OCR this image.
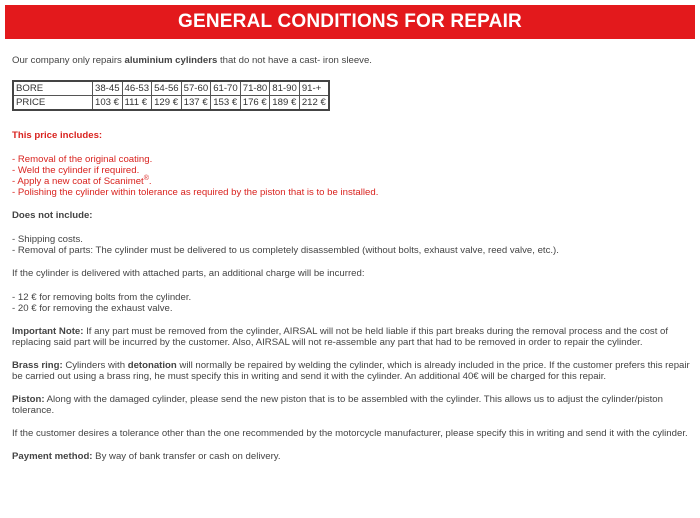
GENERAL CONDITIONS FOR REPAIR

Our company only repairs aluminium cylinders that do not have a cast- iron sleeve.

BORE	38-45	46-53	54-56	57-60	61-70	71-80	81-90	91-+
PRICE	103 €	111 €	129 €	137 €	153 €	176 €	189 €	212 €

This price includes:

- Removal of the original coating.

- Weld the cylinder if required.

- Apply a new coat of Scanimet®.

- Polishing the cylinder within tolerance as required by the piston that is to be installed.

Does not include:

- Shipping costs.

- Removal of parts: The cylinder must be delivered to us completely disassembled (without bolts, exhaust valve, reed valve, etc.).

If the cylinder is delivered with attached parts, an additional charge will be incurred:

- 12 € for removing bolts from the cylinder.

- 20 € for removing the exhaust valve.

Important Note: If any part must be removed from the cylinder, AIRSAL will not be held liable if this part breaks during the removal process and the cost of replacing said part will be incurred by the customer. Also, AIRSAL will not re-assemble any part that had to be removed in order to repair the cylinder.

Brass ring: Cylinders with detonation will normally be repaired by welding the cylinder, which is already included in the price. If the customer prefers this repair be carried out using a brass ring, he must specify this in writing and send it with the cylinder. An additional 40€ will be charged for this repair.

Piston: Along with the damaged cylinder, please send the new piston that is to be assembled with the cylinder. This allows us to adjust the cylinder/piston tolerance.

If the customer desires a tolerance other than the one recommended by the motorcycle manufacturer, please specify this in writing and send it with the cylinder.

Payment method: By way of bank transfer or cash on delivery.
